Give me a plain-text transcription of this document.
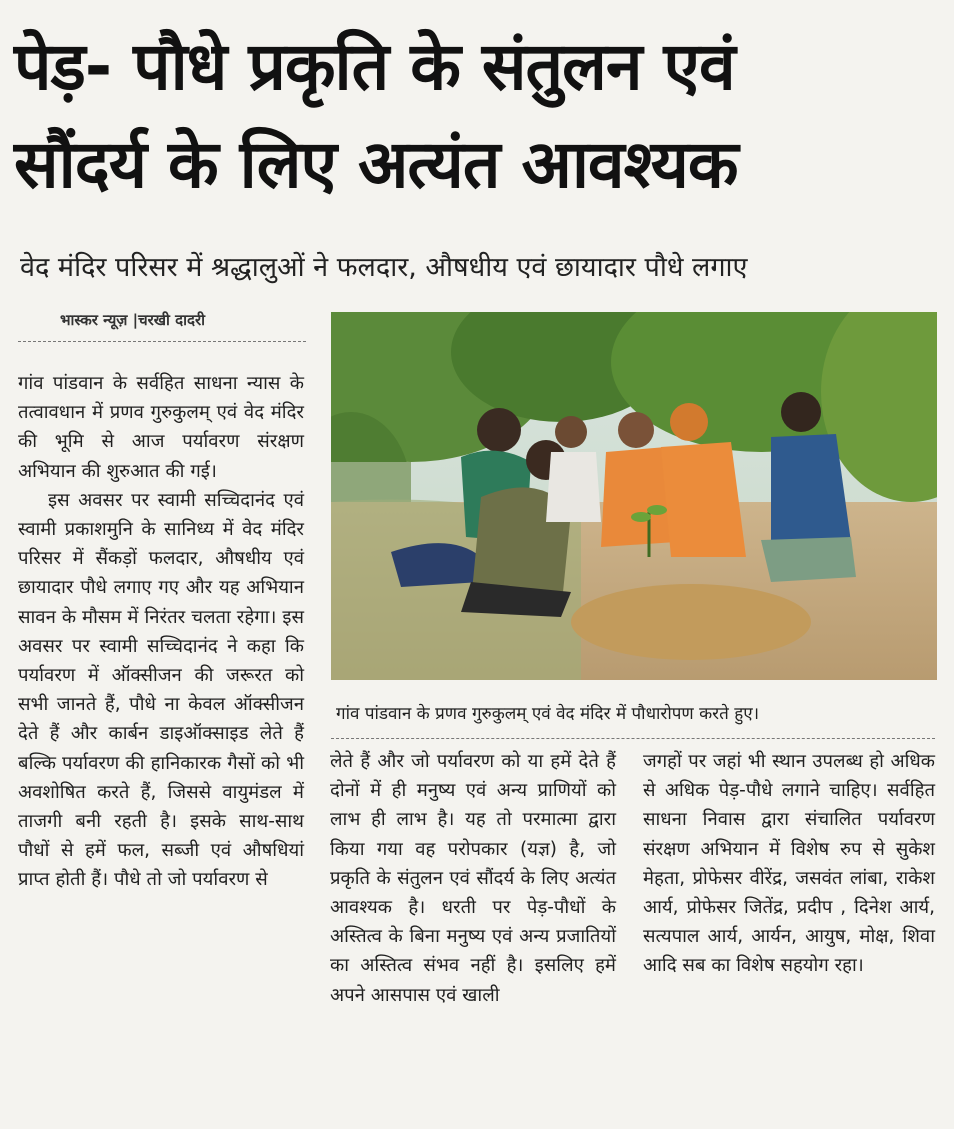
पेड़- पौधे प्रकृति के संतुलन एवं
सौंदर्य के लिए अत्यंत आवश्यक
वेद मंदिर परिसर में श्रद्धालुओं ने फलदार, औषधीय एवं छायादार पौधे लगाए
भास्कर न्यूज़ |चरखी दादरी

गांव पांडवान के सर्वहित साधना न्यास के तत्वावधान में प्रणव गुरुकुलम् एवं वेद मंदिर की भूमि से आज पर्यावरण संरक्षण अभियान की शुरुआत की गई।

इस अवसर पर स्वामी सच्चिदानंद एवं स्वामी प्रकाशमुनि के सानिध्य में वेद मंदिर परिसर में सैंकड़ों फलदार, औषधीय एवं छायादार पौधे लगाए गए और यह अभियान सावन के मौसम में निरंतर चलता रहेगा। इस अवसर पर स्वामी सच्चिदानंद ने कहा कि पर्यावरण में ऑक्सीजन की जरूरत को सभी जानते हैं, पौधे ना केवल ऑक्सीजन देते हैं और कार्बन डाइऑक्साइड लेते हैं बल्कि पर्यावरण की हानिकारक गैसों को भी अवशोषित करते हैं, जिससे वायुमंडल में ताजगी बनी रहती है। इसके साथ-साथ पौधों से हमें फल, सब्जी एवं औषधियां प्राप्त होती हैं। पौधे तो जो पर्यावरण से

गांव पांडवान के प्रणव गुरुकुलम् एवं वेद मंदिर में पौधारोपण करते हुए।

लेते हैं और जो पर्यावरण को या हमें देते हैं दोनों में ही मनुष्य एवं अन्य प्राणियों को लाभ ही लाभ है। यह तो परमात्मा द्वारा किया गया वह परोपकार (यज्ञ) है, जो प्रकृति के संतुलन एवं सौंदर्य के लिए अत्यंत आवश्यक है। धरती पर पेड़-पौधों के अस्तित्व के बिना मनुष्य एवं अन्य प्रजातियों का अस्तित्व संभव नहीं है। इसलिए हमें अपने आसपास एवं खाली

जगहों पर जहां भी स्थान उपलब्ध हो अधिक से अधिक पेड़-पौधे लगाने चाहिए। सर्वहित साधना निवास द्वारा संचालित पर्यावरण संरक्षण अभियान में विशेष रुप से सुकेश मेहता, प्रोफेसर वीरेंद्र, जसवंत लांबा, राकेश आर्य, प्रोफेसर जितेंद्र, प्रदीप , दिनेश आर्य, सत्यपाल आर्य, आर्यन, आयुष, मोक्ष, शिवा आदि सब का विशेष सहयोग रहा।
